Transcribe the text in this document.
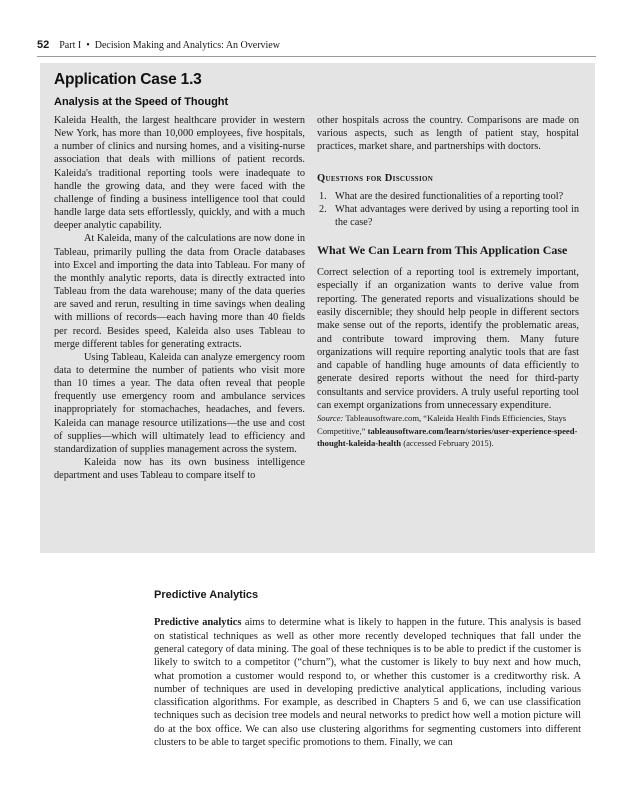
52 Part I • Decision Making and Analytics: An Overview
Application Case 1.3
Analysis at the Speed of Thought

Kaleida Health, the largest healthcare provider in western New York, has more than 10,000 employees, five hospitals, a number of clinics and nursing homes, and a visiting-nurse association that deals with millions of patient records. Kaleida's traditional reporting tools were inadequate to handle the growing data, and they were faced with the challenge of finding a business intelligence tool that could handle large data sets effortlessly, quickly, and with a much deeper analytic capability.

At Kaleida, many of the calculations are now done in Tableau, primarily pulling the data from Oracle databases into Excel and importing the data into Tableau. For many of the monthly analytic reports, data is directly extracted into Tableau from the data warehouse; many of the data queries are saved and rerun, resulting in time savings when dealing with millions of records—each having more than 40 fields per record. Besides speed, Kaleida also uses Tableau to merge different tables for generating extracts.

Using Tableau, Kaleida can analyze emergency room data to determine the number of patients who visit more than 10 times a year. The data often reveal that people frequently use emergency room and ambulance services inappropriately for stomachaches, headaches, and fevers. Kaleida can manage resource utilizations—the use and cost of supplies—which will ultimately lead to efficiency and standardization of supplies management across the system.

Kaleida now has its own business intelligence department and uses Tableau to compare itself to

other hospitals across the country. Comparisons are made on various aspects, such as length of patient stay, hospital practices, market share, and partnerships with doctors.

Questions for Discussion
1. What are the desired functionalities of a reporting tool?
2. What advantages were derived by using a reporting tool in the case?
What We Can Learn from This Application Case

Correct selection of a reporting tool is extremely important, especially if an organization wants to derive value from reporting. The generated reports and visualizations should be easily discernible; they should help people in different sectors make sense out of the reports, identify the problematic areas, and contribute toward improving them. Many future organizations will require reporting analytic tools that are fast and capable of handling huge amounts of data efficiently to generate desired reports without the need for third-party consultants and service providers. A truly useful reporting tool can exempt organizations from unnecessary expenditure.

Source: Tableausoftware.com, “Kaleida Health Finds Efficiencies, Stays Competitive,” tableausoftware.com/learn/stories/user-experience-speed-thought-kaleida-health (accessed February 2015).

Predictive Analytics

Predictive analytics aims to determine what is likely to happen in the future. This analysis is based on statistical techniques as well as other more recently developed techniques that fall under the general category of data mining. The goal of these techniques is to be able to predict if the customer is likely to switch to a competitor (“churn”), what the customer is likely to buy next and how much, what promotion a customer would respond to, or whether this customer is a creditworthy risk. A number of techniques are used in developing predictive analytical applications, including various classification algorithms. For example, as described in Chapters 5 and 6, we can use classification techniques such as decision tree models and neural networks to predict how well a motion picture will do at the box office. We can also use clustering algorithms for segmenting customers into different clusters to be able to target specific promotions to them. Finally, we can
